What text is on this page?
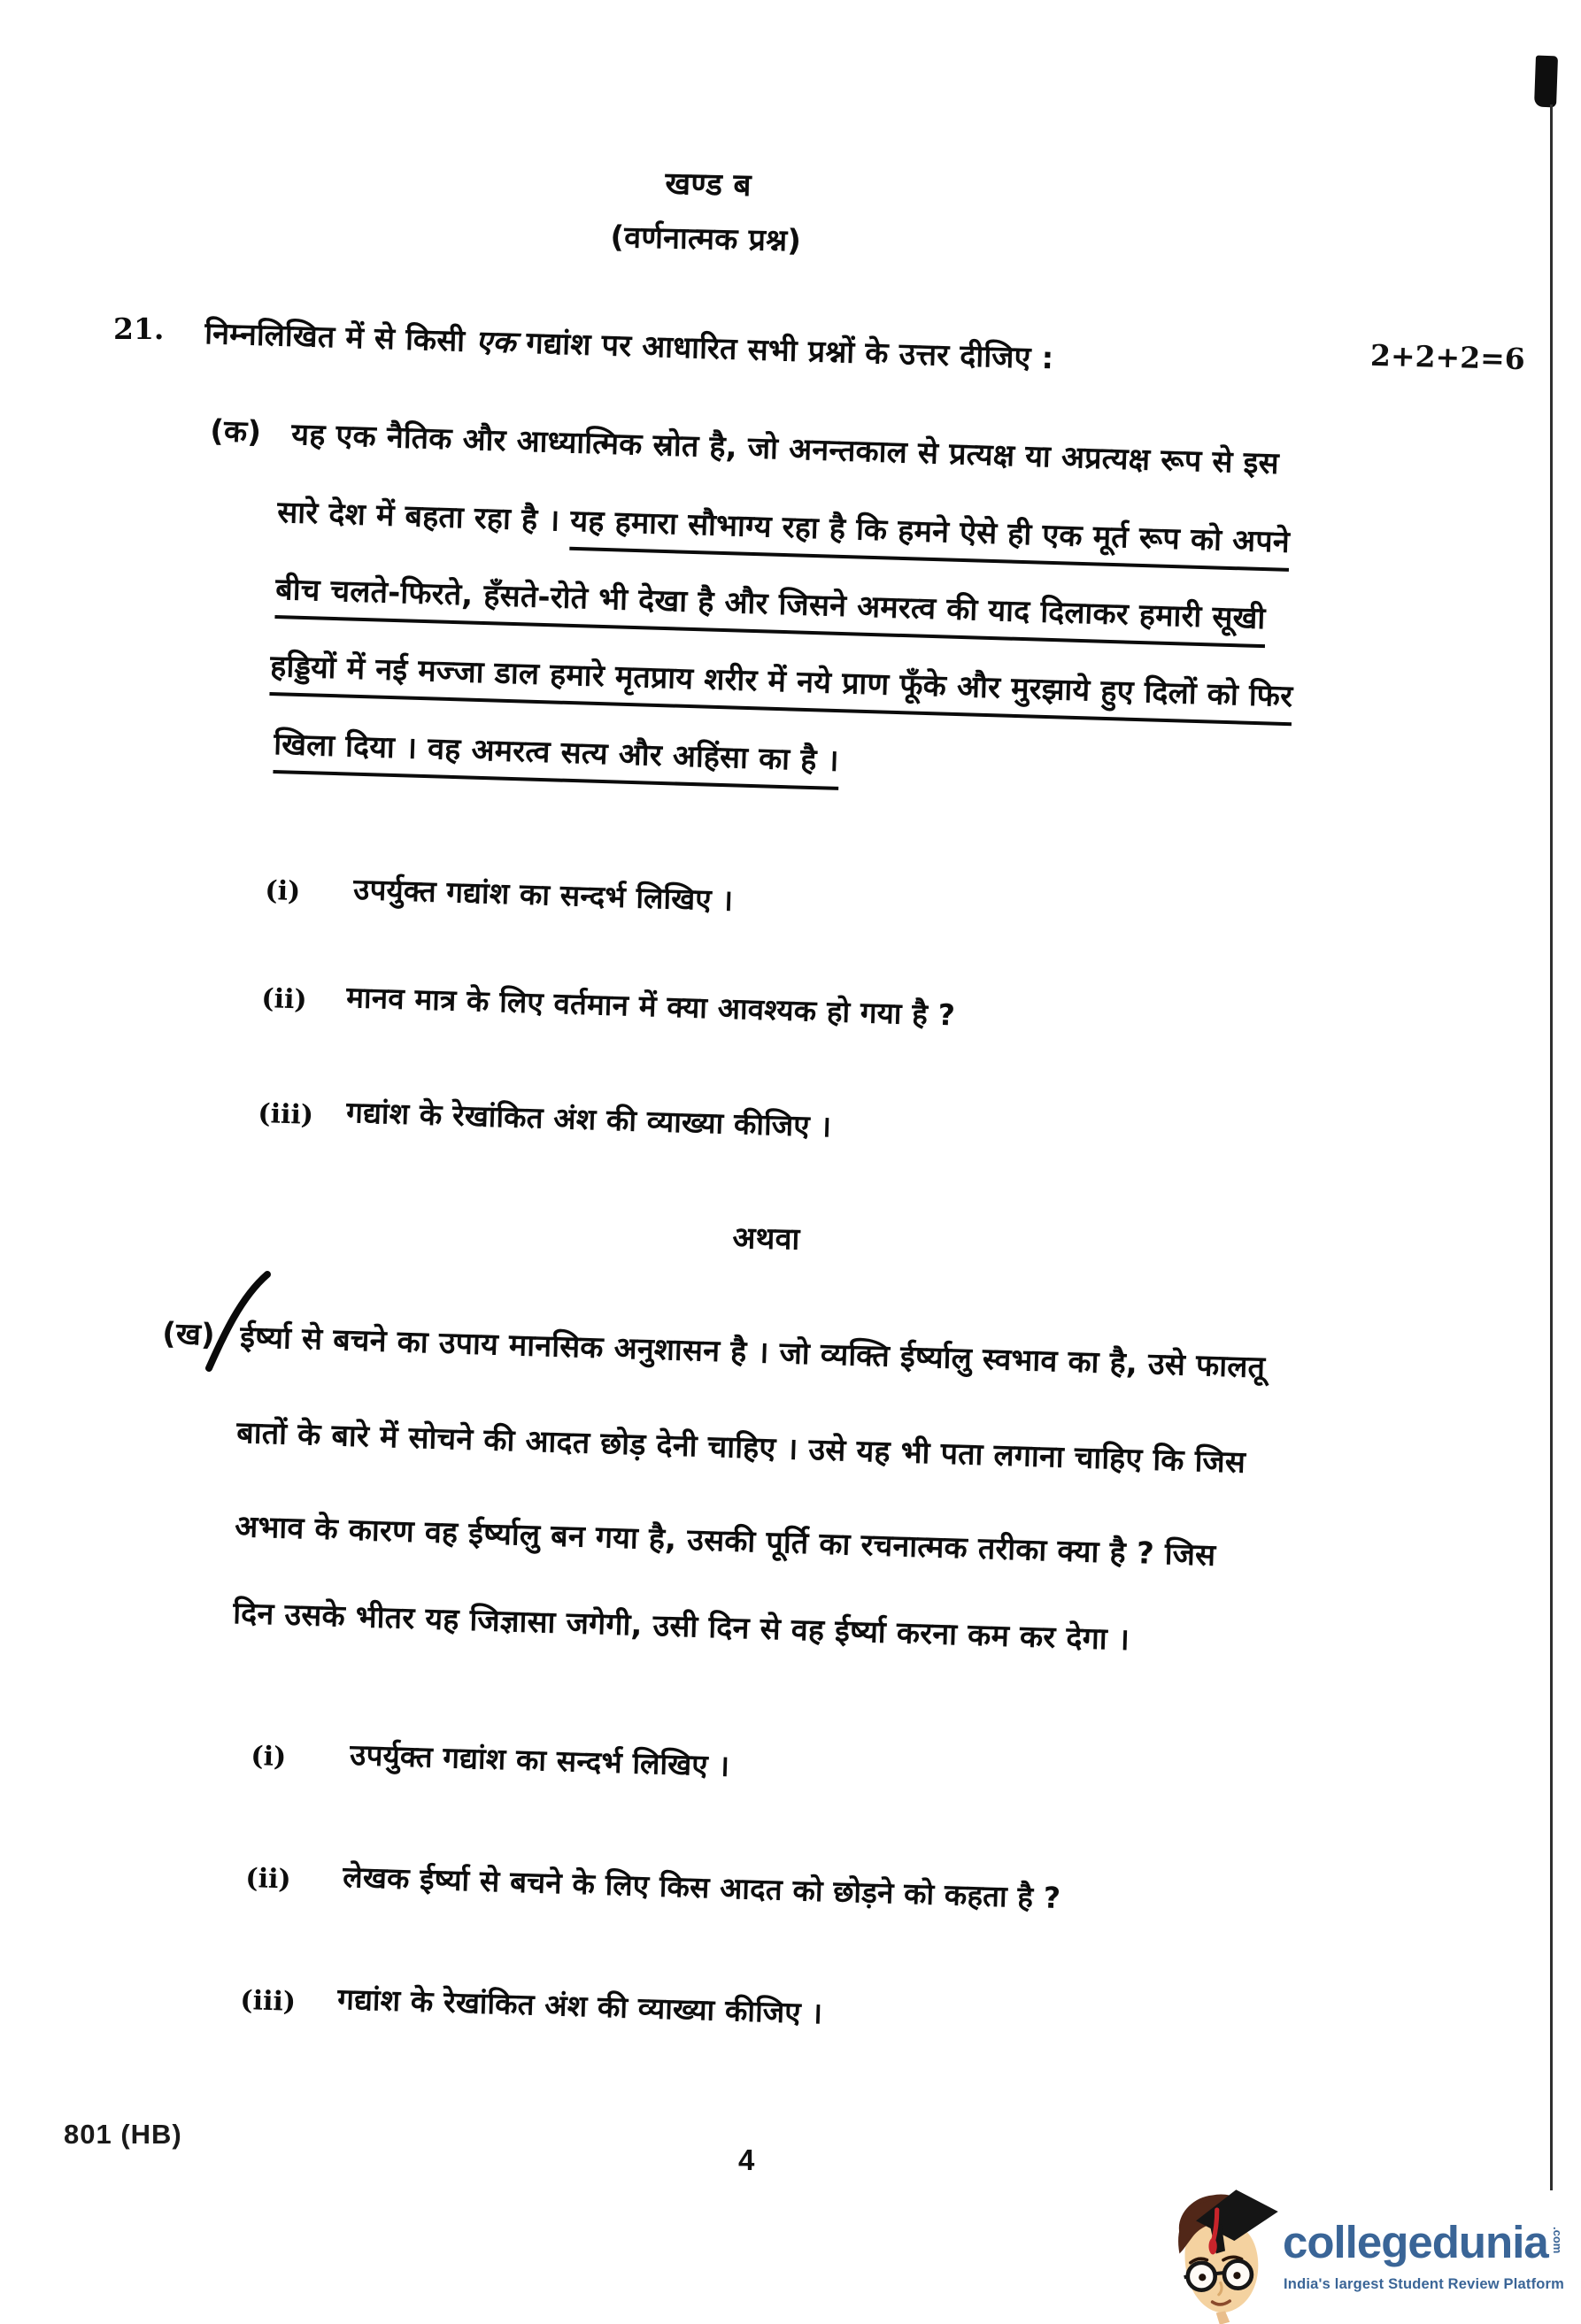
खण्ड ब
(वर्णनात्मक प्रश्न)
21. निम्नलिखित में से किसी एक गद्यांश पर आधारित सभी प्रश्नों के उत्तर दीजिए :	2+2+2=6
(क) यह एक नैतिक और आध्यात्मिक स्रोत है, जो अनन्तकाल से प्रत्यक्ष या अप्रत्यक्ष रूप से इस
सारे देश में बहता रहा है । यह हमारा सौभाग्य रहा है कि हमने ऐसे ही एक मूर्त रूप को अपने
बीच चलते-फिरते, हँसते-रोते भी देखा है और जिसने अमरत्व की याद दिलाकर हमारी सूखी
हड्डियों में नई मज्जा डाल हमारे मृतप्राय शरीर में नये प्राण फूँके और मुरझाये हुए दिलों को फिर
खिला दिया । वह अमरत्व सत्य और अहिंसा का है ।
(i) उपर्युक्त गद्यांश का सन्दर्भ लिखिए ।
(ii) मानव मात्र के लिए वर्तमान में क्या आवश्यक हो गया है ?
(iii) गद्यांश के रेखांकित अंश की व्याख्या कीजिए ।
अथवा
(ख) ईर्ष्या से बचने का उपाय मानसिक अनुशासन है । जो व्यक्ति ईर्ष्यालु स्वभाव का है, उसे फालतू
बातों के बारे में सोचने की आदत छोड़ देनी चाहिए । उसे यह भी पता लगाना चाहिए कि जिस
अभाव के कारण वह ईर्ष्यालु बन गया है, उसकी पूर्ति का रचनात्मक तरीका क्या है ? जिस
दिन उसके भीतर यह जिज्ञासा जगेगी, उसी दिन से वह ईर्ष्या करना कम कर देगा ।
(i) उपर्युक्त गद्यांश का सन्दर्भ लिखिए ।
(ii) लेखक ईर्ष्या से बचने के लिए किस आदत को छोड़ने को कहता है ?
(iii) गद्यांश के रेखांकित अंश की व्याख्या कीजिए ।
801 (HB)
4
collegedunia .com
India's largest Student Review Platform
